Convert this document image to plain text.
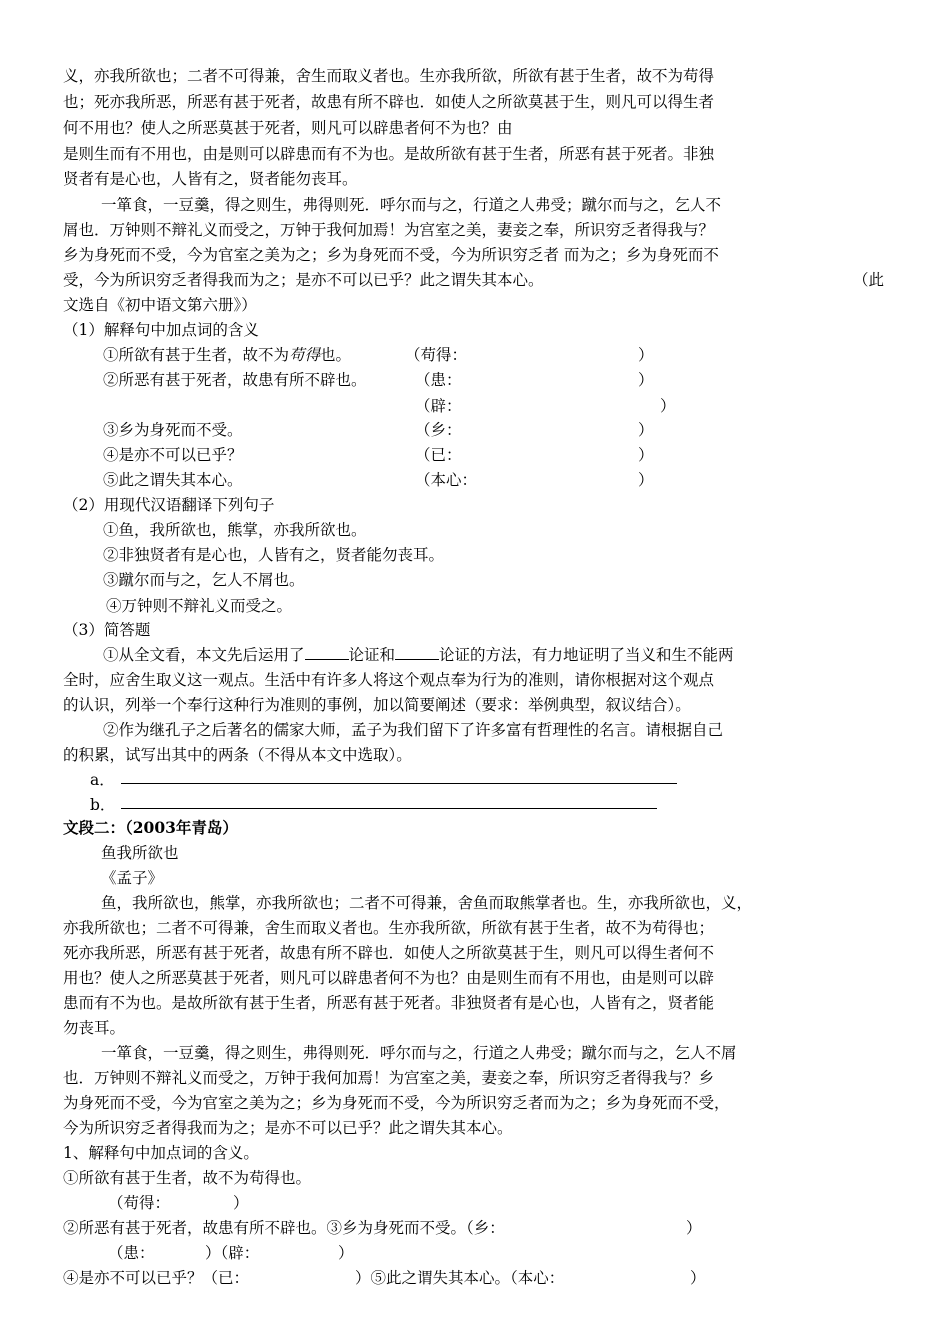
义，亦我所欲也；二者不可得兼，舍生而取义者也。生亦我所欲，所欲有甚于生者，故不为苟得
也；死亦我所恶，所恶有甚于死者，故患有所不辟也．如使人之所欲莫甚于生，则凡可以得生者
何不用也？使人之所恶莫甚于死者，则凡可以辟患者何不为也？由
是则生而有不用也，由是则可以辟患而有不为也。是故所欲有甚于生者，所恶有甚于死者。非独
贤者有是心也，人皆有之，贤者能勿丧耳。
一箪食，一豆羹，得之则生，弗得则死．呼尔而与之，行道之人弗受；蹴尔而与之，乞人不
屑也．万钟则不辩礼义而受之，万钟于我何加焉！为宫室之美，妻妾之奉，所识穷乏者得我与？
乡为身死而不受，今为官室之美为之；乡为身死而不受，今为所识穷乏者 而为之；乡为身死而不
受，今为所识穷乏者得我而为之；是亦不可以已乎？此之谓失其本心。	（此
文选自《初中语文第六册》）
（1）解释句中加点词的含义
①所欲有甚于生者，故不为苟得也。	（苟得：	）
②所恶有甚于死者，故患有所不辟也。	（患：	）
（辟：	）
③乡为身死而不受。	（乡：	）
④是亦不可以已乎？	（已：	）
⑤此之谓失其本心。	（本心：	）
（2）用现代汉语翻译下列句子
①鱼，我所欲也，熊掌，亦我所欲也。
②非独贤者有是心也，人皆有之，贤者能勿丧耳。
③蹴尔而与之，乞人不屑也。
④万钟则不辩礼义而受之。
（3）简答题
①从全文看，本文先后运用了	论证和	论证的方法，有力地证明了当义和生不能两
全时，应舍生取义这一观点。生活中有许多人将这个观点奉为行为的准则，请你根据对这个观点
的认识，列举一个奉行这种行为准则的事例，加以简要阐述（要求：举例典型，叙议结合）。
②作为继孔子之后著名的儒家大师，孟子为我们留下了许多富有哲理性的名言。请根据自己
的积累，试写出其中的两条（不得从本文中选取）。
a．
b．
文段二：（2003年青岛）
鱼我所欲也
《孟子》
鱼，我所欲也，熊掌，亦我所欲也；二者不可得兼，舍鱼而取熊掌者也。生，亦我所欲也，义，
亦我所欲也；二者不可得兼，舍生而取义者也。生亦我所欲，所欲有甚于生者，故不为苟得也；
死亦我所恶，所恶有甚于死者，故患有所不辟也．如使人之所欲莫甚于生，则凡可以得生者何不
用也？使人之所恶莫甚于死者，则凡可以辟患者何不为也？由是则生而有不用也，由是则可以辟
患而有不为也。是故所欲有甚于生者，所恶有甚于死者。非独贤者有是心也，人皆有之，贤者能
勿丧耳。
一箪食，一豆羹，得之则生，弗得则死．呼尔而与之，行道之人弗受；蹴尔而与之，乞人不屑
也．万钟则不辩礼义而受之，万钟于我何加焉！为宫室之美，妻妾之奉，所识穷乏者得我与？乡
为身死而不受，今为官室之美为之；乡为身死而不受，今为所识穷乏者而为之；乡为身死而不受，
今为所识穷乏者得我而为之；是亦不可以已乎？此之谓失其本心。
1、解释句中加点词的含义。
①所欲有甚于生者，故不为苟得也。
（苟得：	）
②所恶有甚于死者，故患有所不辟也。③乡为身死而不受。（乡：	）
（患：	）（辟：	）
④是亦不可以已乎？（已：	）⑤此之谓失其本心。（本心：	）
